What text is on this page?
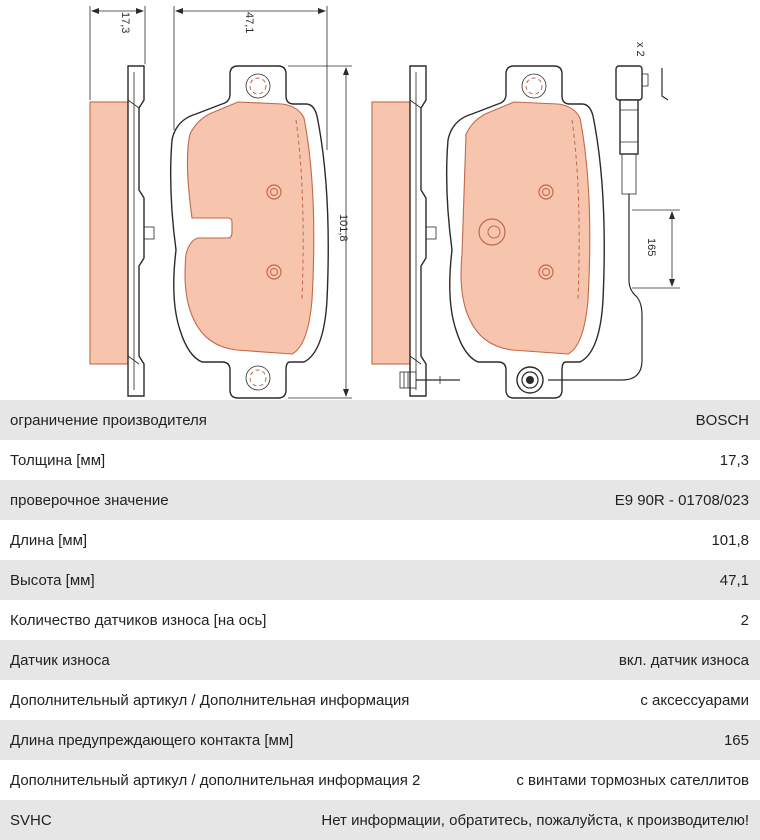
17,3	47,1
101,8
x 2
165
ограничение производителя	BOSCH
Толщина [мм]	17,3
проверочное значение	E9 90R - 01708/023
Длина [мм]	101,8
Высота [мм]	47,1
Количество датчиков износа [на ось]	2
Датчик износа	вкл. датчик износа
Дополнительный артикул / Дополнительная информация	с аксессуарами
Длина предупреждающего контакта [мм]	165
Дополнительный артикул / дополнительная информация 2	с винтами тормозных сателлитов
SVHC	Нет информации, обратитесь, пожалуйста, к производителю!
